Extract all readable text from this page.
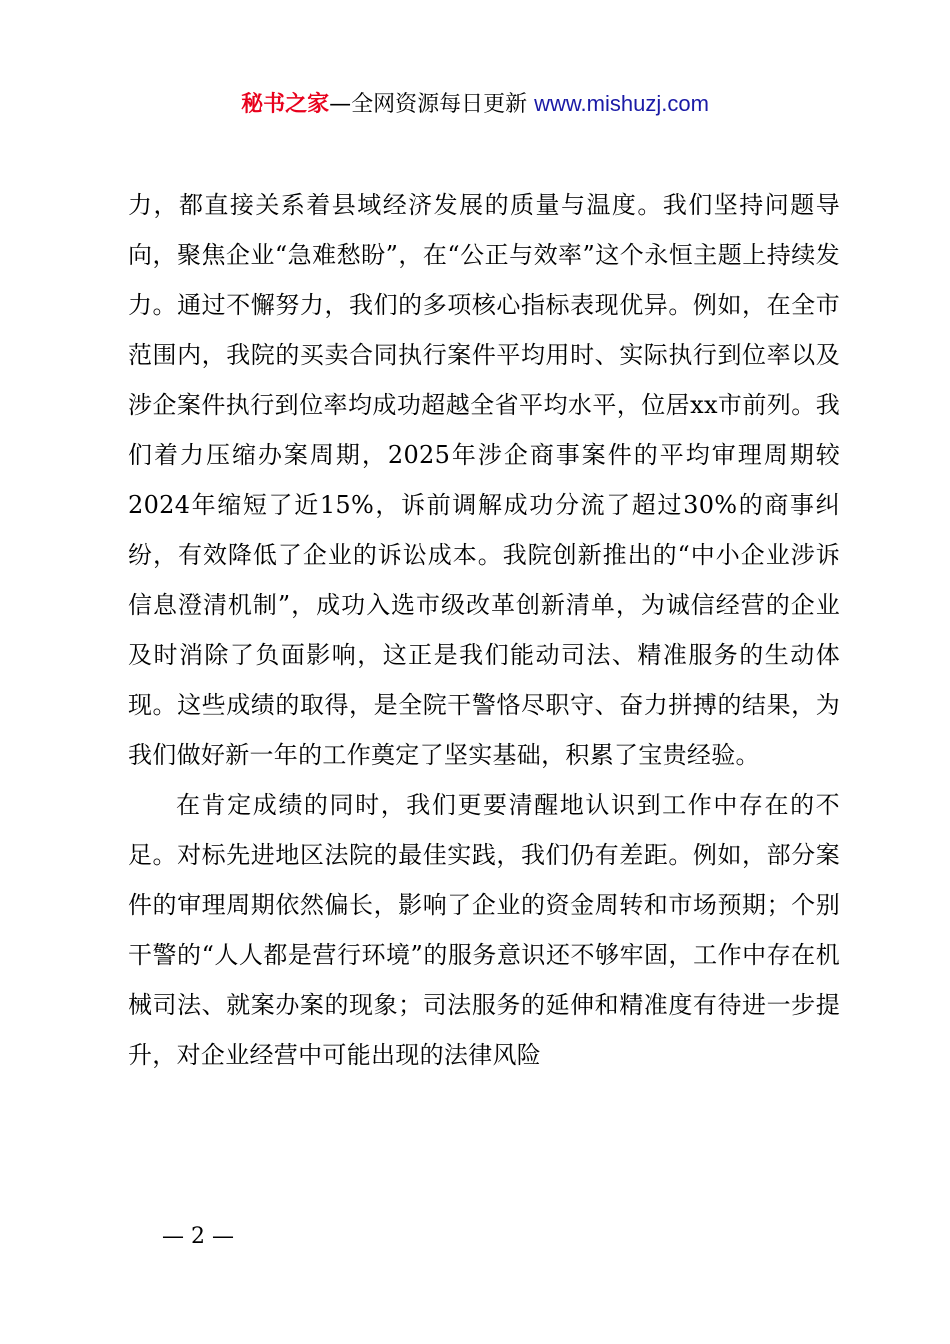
秘书之家—全网资源每日更新 www.mishuzj.com

力，都直接关系着县域经济发展的质量与温度。我们坚持问题导向，聚焦企业“急难愁盼”，在“公正与效率”这个永恒主题上持续发力。通过不懈努力，我们的多项核心指标表现优异。例如，在全市范围内，我院的买卖合同执行案件平均用时、实际执行到位率以及涉企案件执行到位率均成功超越全省平均水平，位居xx市前列。我们着力压缩办案周期，2025年涉企商事案件的平均审理周期较2024年缩短了近15%，诉前调解成功分流了超过30%的商事纠纷，有效降低了企业的诉讼成本。我院创新推出的“中小企业涉诉信息澄清机制”，成功入选市级改革创新清单，为诚信经营的企业及时消除了负面影响，这正是我们能动司法、精准服务的生动体现。这些成绩的取得，是全院干警恪尽职守、奋力拼搏的结果，为我们做好新一年的工作奠定了坚实基础，积累了宝贵经验。

在肯定成绩的同时，我们更要清醒地认识到工作中存在的不足。对标先进地区法院的最佳实践，我们仍有差距。例如，部分案件的审理周期依然偏长，影响了企业的资金周转和市场预期；个别干警的“人人都是营行环境”的服务意识还不够牢固，工作中存在机械司法、就案办案的现象；司法服务的延伸和精准度有待进一步提升，对企业经营中可能出现的法律风险

— 2 —
